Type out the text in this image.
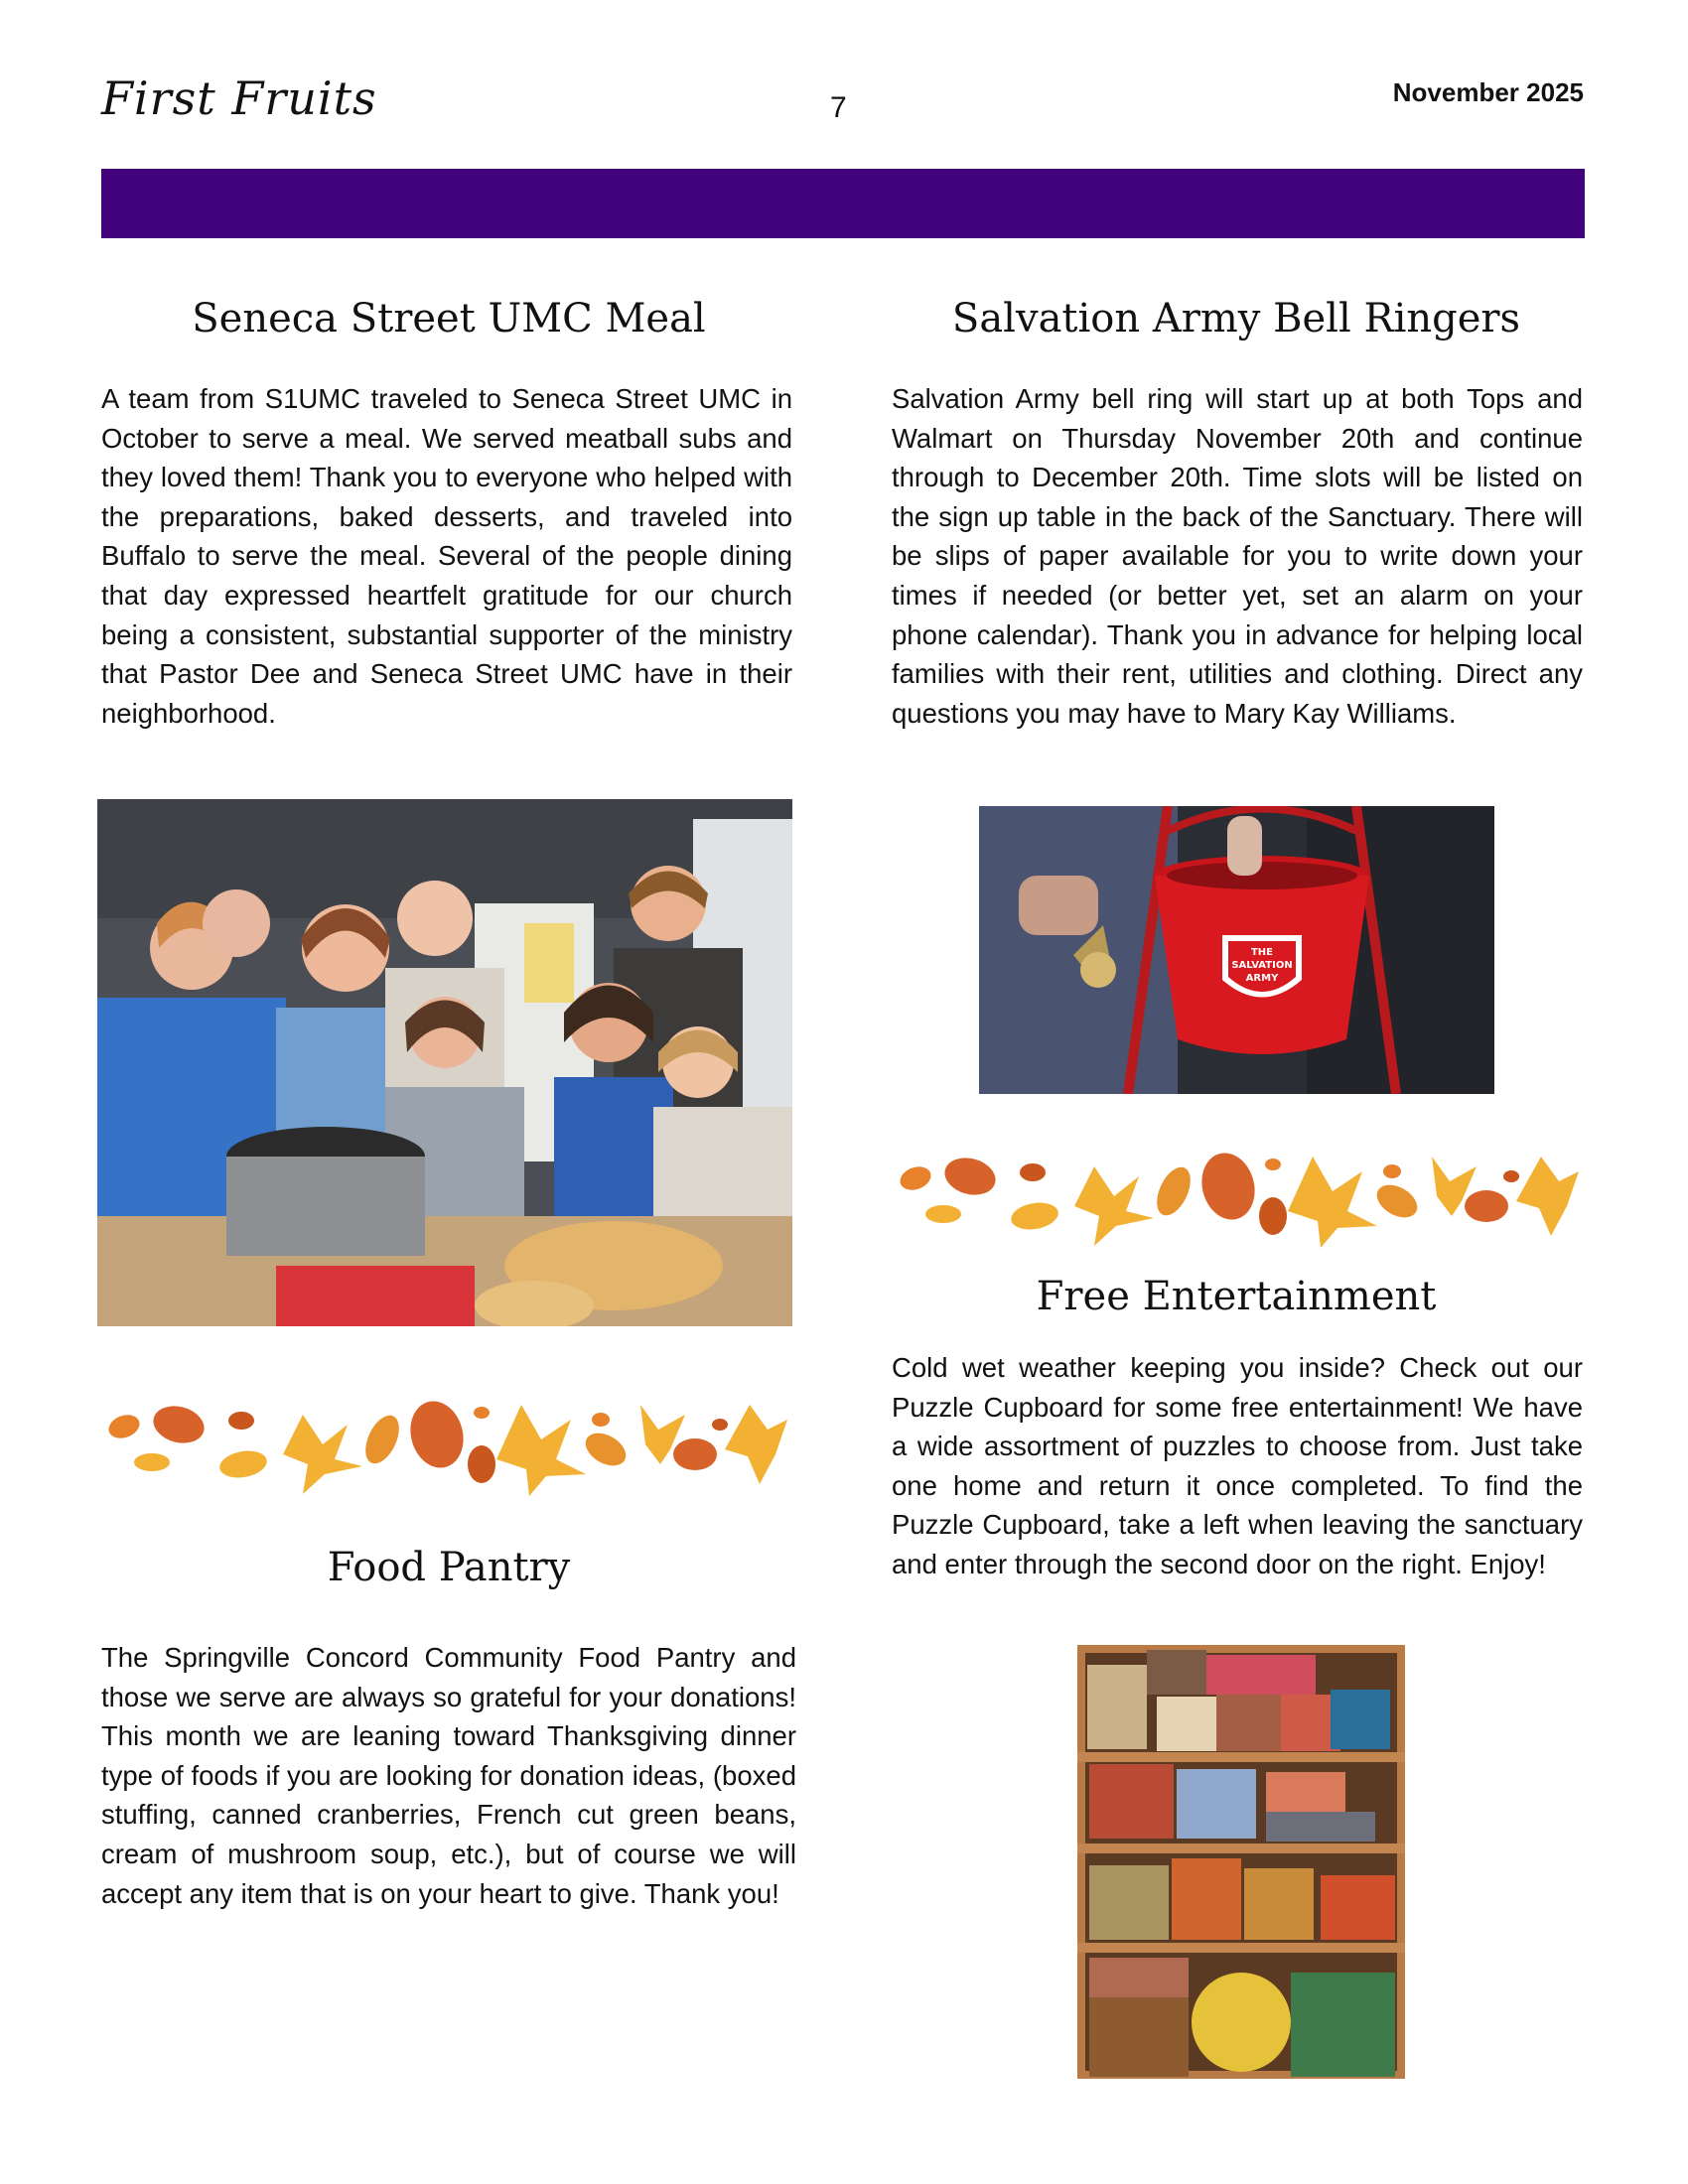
First Fruits	7	November 2025
Seneca Street UMC Meal

A team from S1UMC traveled to Seneca Street UMC in October to serve a meal. We served meatball subs and they loved them! Thank you to everyone who helped with the preparations, baked desserts, and traveled into Buffalo to serve the meal. Several of the people dining that day expressed heartfelt gratitude for our church being a consistent, substantial supporter of the ministry that Pastor Dee and Seneca Street UMC have in their neighborhood.

Food Pantry

The Springville Concord Community Food Pantry and those we serve are always so grateful for your donations! This month we are leaning toward Thanksgiving dinner type of foods if you are looking for donation ideas, (boxed stuffing, canned cranberries, French cut green beans, cream of mushroom soup, etc.), but of course we will accept any item that is on your heart to give. Thank you!

Salvation Army Bell Ringers

Salvation Army bell ring will start up at both Tops and Walmart on Thursday November 20th and continue through to December 20th. Time slots will be listed on the sign up table in the back of the Sanctuary. There will be slips of paper available for you to write down your times if needed (or better yet, set an alarm on your phone calendar). Thank you in advance for helping local families with their rent, utilities and clothing. Direct any questions you may have to Mary Kay Williams.

THE
SALVATION
ARMY
Free Entertainment

Cold wet weather keeping you inside? Check out our Puzzle Cupboard for some free entertainment! We have a wide assortment of puzzles to choose from. Just take one home and return it once completed. To find the Puzzle Cupboard, take a left when leaving the sanctuary and enter through the second door on the right. Enjoy!
